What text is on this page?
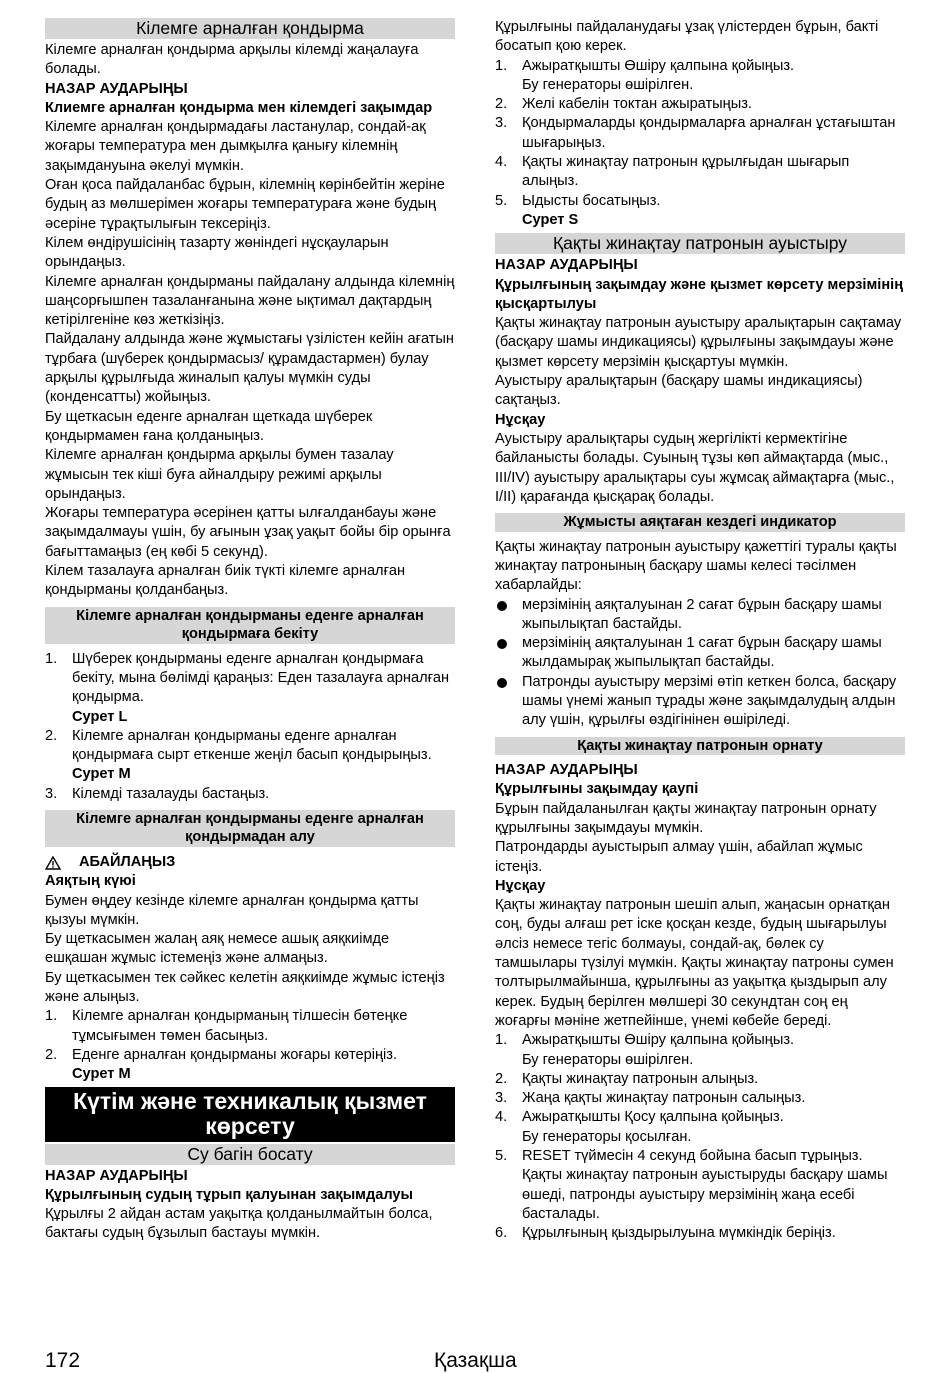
Кілемге арналған қондырма

Кілемге арналған қондырма арқылы кілемді жаңалауға болады.

НАЗАР АУДАРЫҢЫ

Клиемге арналған қондырма мен кілемдегі зақымдар

Кілемге арналған қондырмадағы ластанулар, сондай-ақ жоғары температура мен дымқылға қанығу кілемнің зақымдануына әкелуі мүмкін.

Оған қоса пайдаланбас бұрын, кілемнің көрінбейтін жеріне будың аз мөлшерімен жоғары температураға және будың әсеріне тұрақтылығын тексеріңіз.

Кілем өндірушісінің тазарту жөніндегі нұсқауларын орындаңыз.

Кілемге арналған қондырманы пайдалану алдында кілемнің шаңсорғышпен тазаланғанына және ықтимал дақтардың кетірілгеніне көз жеткізіңіз.

Пайдалану алдында және жұмыстағы үзілістен кейін ағатын тұрбаға (шүберек қондырмасыз/ құрамдастармен) булау арқылы құрылғыда жиналып қалуы мүмкін суды (конденсатты) жойыңыз.

Бу щеткасын еденге арналған щеткада шүберек қондырмамен ғана қолданыңыз.

Кілемге арналған қондырма арқылы бумен тазалау жұмысын тек кіші буға айналдыру режимі арқылы орындаңыз.

Жоғары температура әсерінен қатты ылғалданбауы және зақымдалмауы үшін, бу ағынын ұзақ уақыт бойы бір орынға бағыттамаңыз (ең көбі 5 секунд).

Кілем тазалауға арналған биік түкті кілемге арналған қондырманы қолданбаңыз.

Кілемге арналған қондырманы еденге арналған қондырмаға бекіту
1. Шүберек қондырманы еденге арналған қондырмаға бекіту, мына бөлімді қараңыз: Еден тазалауға арналған қондырма.
Сурет L
2. Кілемге арналған қондырманы еденге арналған қондырмаға сырт еткенше жеңіл басып қондырыңыз.
Сурет M
3. Кілемді тазалауды бастаңыз.
Кілемге арналған қондырманы еденге арналған қондырмадан алу
АБАЙЛАҢЫЗ

Аяқтың күюі

Бумен өңдеу кезінде кілемге арналған қондырма қатты қызуы мүмкін.

Бу щеткасымен жалаң аяқ немесе ашық аяқкиімде ешқашан жұмыс істемеңіз және алмаңыз.

Бу щеткасымен тек сәйкес келетін аяқкиімде жұмыс істеңіз және алыңыз.

1. Кілемге арналған қондырманың тілшесін бөтеңке тұмсығымен төмен басыңыз.
2. Еденге арналған қондырманы жоғары көтеріңіз.
Сурет M
Күтім және техникалық қызмет көрсету
Су багін босату

НАЗАР АУДАРЫҢЫ

Құрылғының судың тұрып қалуынан зақымдалуы

Құрылғы 2 айдан астам уақытқа қолданылмайтын болса, бактағы судың бұзылып бастауы мүмкін.

Құрылғыны пайдаланудағы ұзақ үлістерден бұрын, бакті босатып қою керек.

1. Ажыратқышты Өшіру қалпына қойыңыз.
Бу генераторы өшірілген.
2. Желі кабелін токтан ажыратыңыз.
3. Қондырмаларды қондырмаларға арналған ұстағыштан шығарыңыз.
4. Қақты жинақтау патронын құрылғыдан шығарып алыңыз.
5. Ыдысты босатыңыз.
Сурет S
Қақты жинақтау патронын ауыстыру

НАЗАР АУДАРЫҢЫ

Құрылғының зақымдау және қызмет көрсету мерзімінің қысқартылуы

Қақты жинақтау патронын ауыстыру аралықтарын сақтамау (басқару шамы индикациясы) құрылғыны зақымдауы және қызмет көрсету мерзімін қысқартуы мүмкін.

Ауыстыру аралықтарын (басқару шамы индикациясы) сақтаңыз.

Нұсқау

Ауыстыру аралықтары судың жергілікті кермектігіне байланысты болады. Суының тұзы көп аймақтарда (мыс., III/IV) ауыстыру аралықтары суы жұмсақ аймақтарға (мыс., I/II) қарағанда қысқарақ болады.

Жұмысты аяқтаған кездегі индикатор

Қақты жинақтау патронын ауыстыру қажеттігі туралы қақты жинақтау патронының басқару шамы келесі тәсілмен хабарлайды:

мерзімінің аяқталуынан 2 сағат бұрын басқару шамы жыпылықтап бастайды.
мерзімінің аяқталуынан 1 сағат бұрын басқару шамы жылдамырақ жыпылықтап бастайды.
Патронды ауыстыру мерзімі өтіп кеткен болса, басқару шамы үнемі жанып тұрады және зақымдалудың алдын алу үшін, құрылғы өздігінінен өшіріледі.
Қақты жинақтау патронын орнату

НАЗАР АУДАРЫҢЫ

Құрылғыны зақымдау қаупі

Бұрын пайдаланылған қақты жинақтау патронын орнату құрылғыны зақымдауы мүмкін.

Патрондарды ауыстырып алмау үшін, абайлап жұмыс істеңіз.

Нұсқау

Қақты жинақтау патронын шешіп алып, жаңасын орнатқан соң, буды алғаш рет іске қосқан кезде, будың шығарылуы әлсіз немесе тегіс болмауы, сондай-ақ, бөлек су тамшылары түзілуі мүмкін. Қақты жинақтау патроны сумен толтырылмайынша, құрылғыны аз уақытқа қыздырып алу керек. Будың берілген мөлшері 30 секундтан соң ең жоғарғы мәніне жетпейінше, үнемі көбейе береді.

1. Ажыратқышты Өшіру қалпына қойыңыз.
Бу генераторы өшірілген.
2. Қақты жинақтау патронын алыңыз.
3. Жаңа қақты жинақтау патронын салыңыз.
4. Ажыратқышты Қосу қалпына қойыңыз.
Бу генераторы қосылған.
5. RESET түймесін 4 секунд бойына басып тұрыңыз.
Қақты жинақтау патронын ауыстыруды басқару шамы өшеді, патронды ауыстыру мерзімінің жаңа есебі басталады.
6. Құрылғының қыздырылуына мүмкіндік беріңіз.
172	Қазақша
